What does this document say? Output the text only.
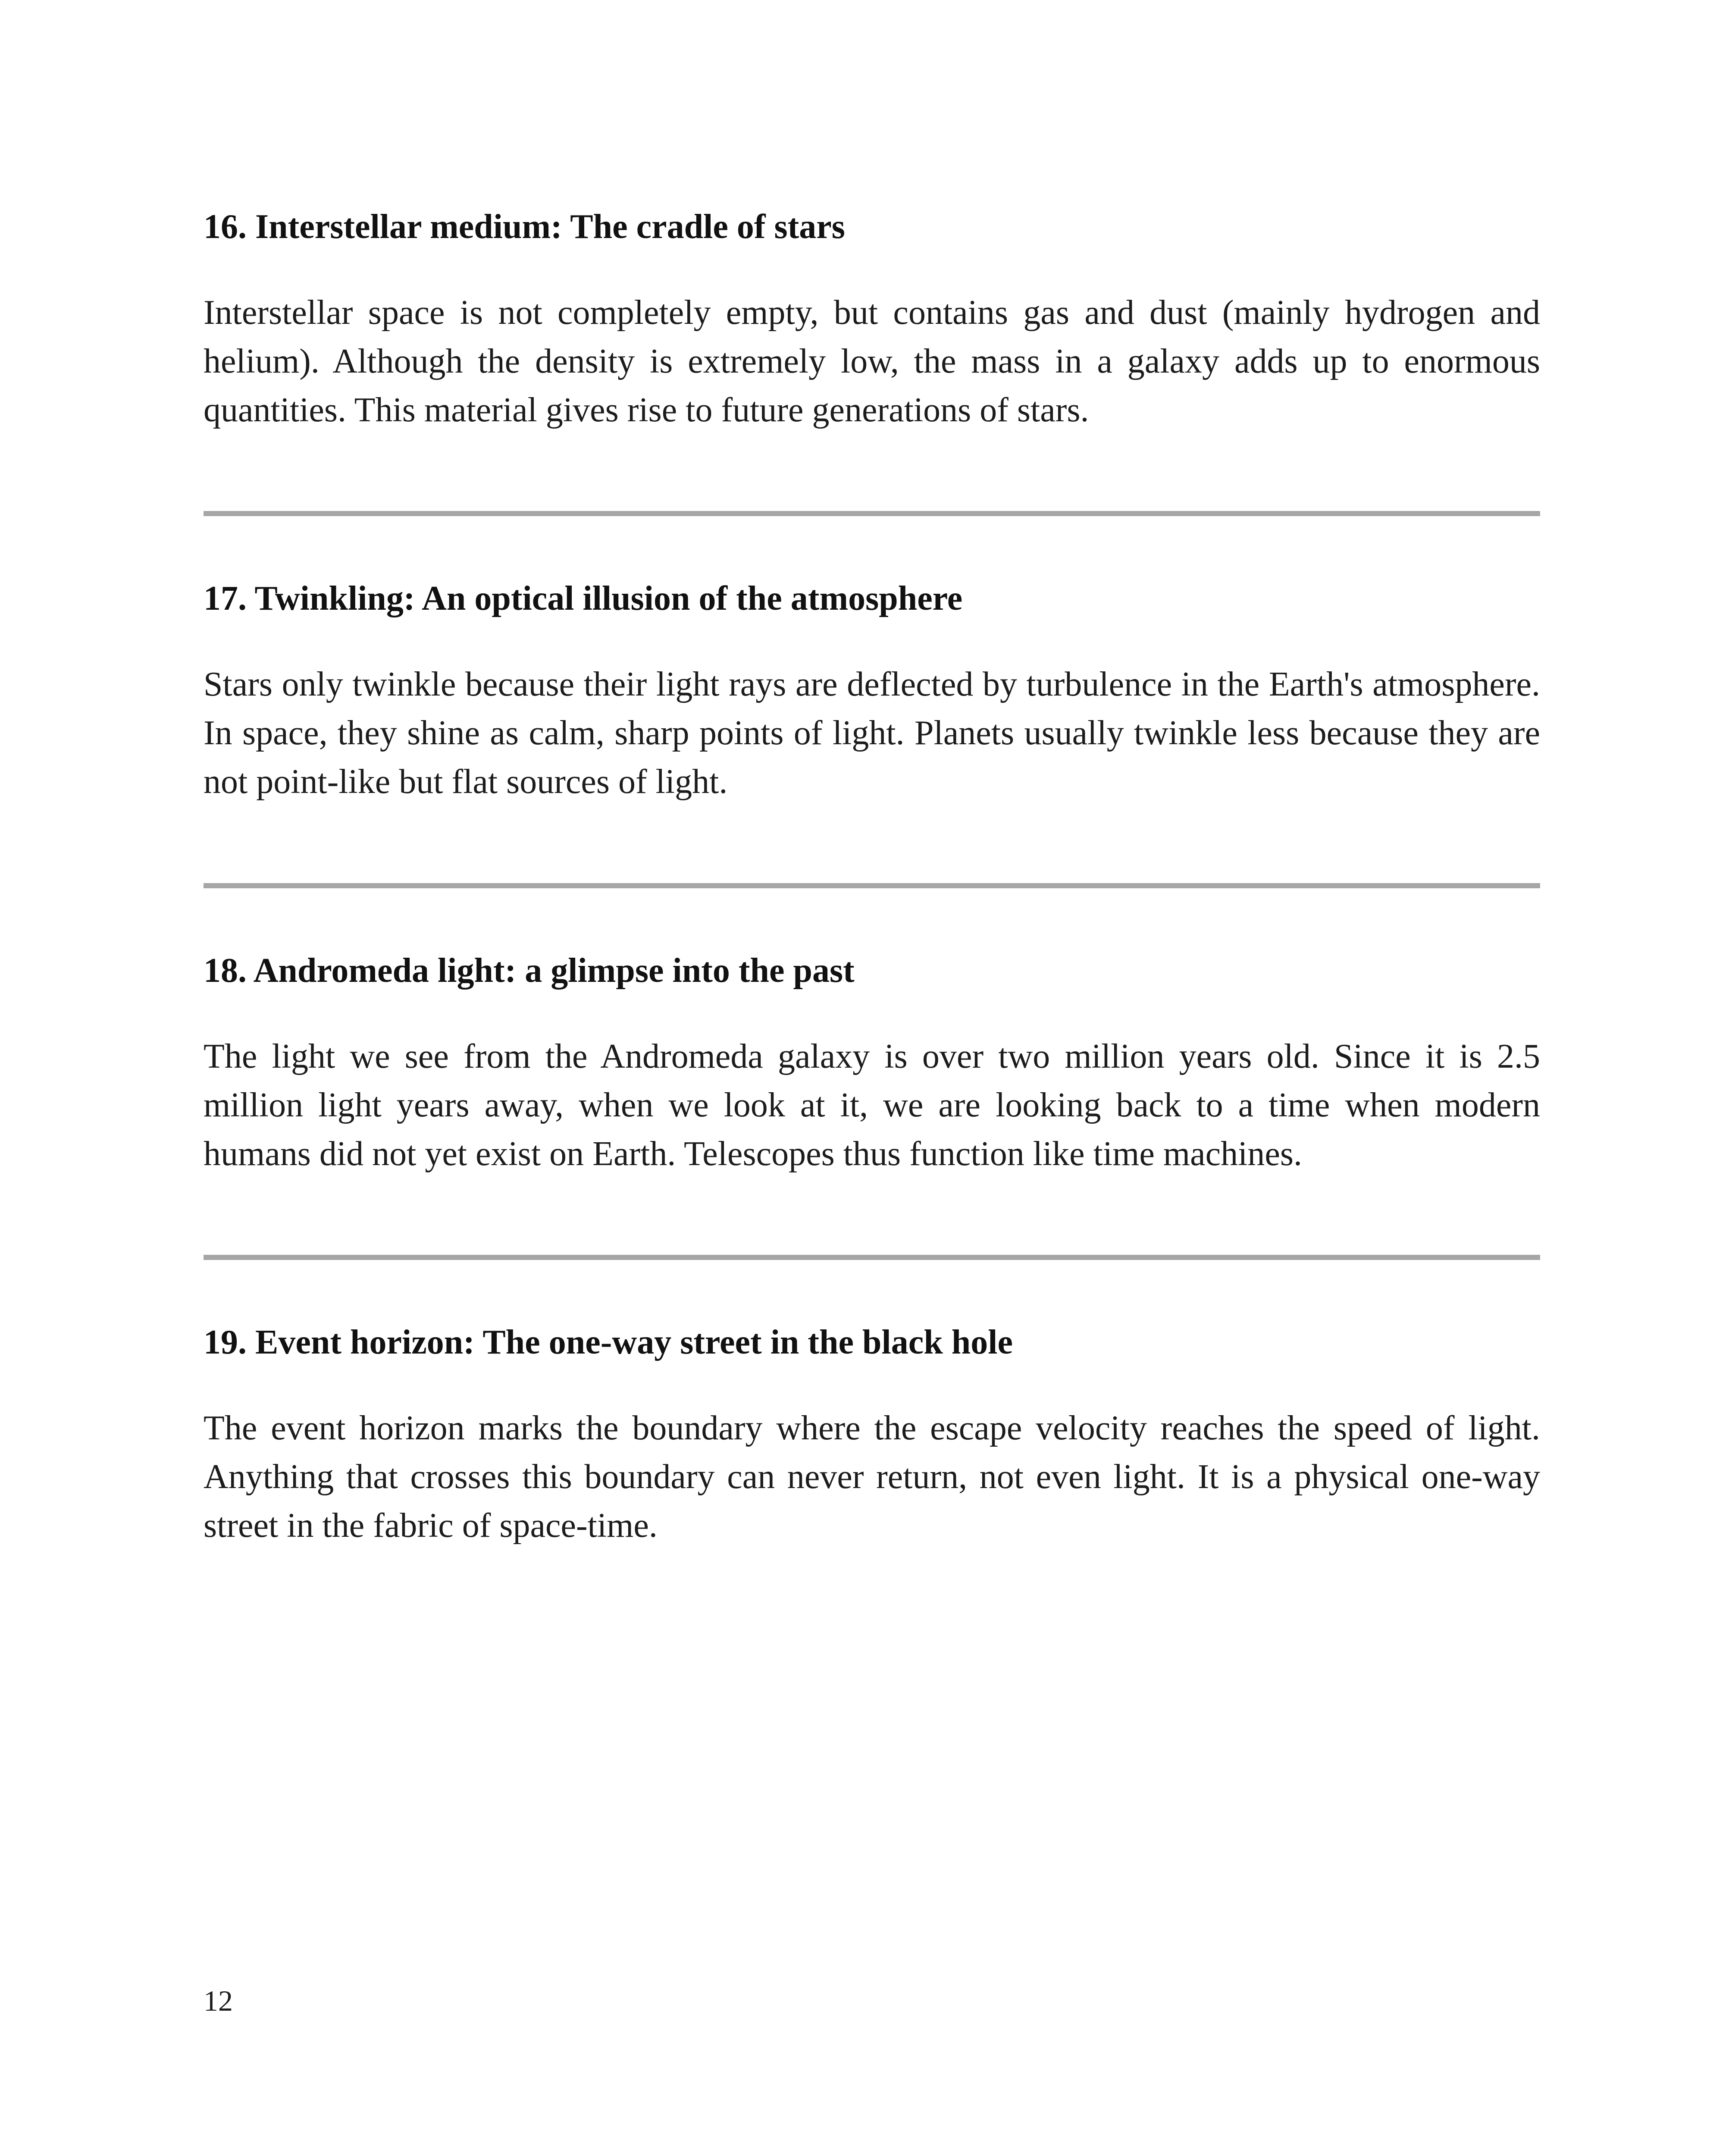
16. Interstellar medium: The cradle of stars

Interstellar space is not completely empty, but contains gas and dust (mainly hydrogen and helium). Although the density is extremely low, the mass in a galaxy adds up to enormous quantities. This material gives rise to future generations of stars.

17. Twinkling: An optical illusion of the atmosphere

Stars only twinkle because their light rays are deflected by turbulence in the Earth's atmosphere. In space, they shine as calm, sharp points of light. Planets usually twinkle less because they are not point-like but flat sources of light.

18. Andromeda light: a glimpse into the past

The light we see from the Andromeda galaxy is over two million years old. Since it is 2.5 million light years away, when we look at it, we are looking back to a time when modern humans did not yet exist on Earth. Telescopes thus function like time machines.

19. Event horizon: The one-way street in the black hole

The event horizon marks the boundary where the escape velocity reaches the speed of light. Anything that crosses this boundary can never return, not even light. It is a physical one-way street in the fabric of space-time.

12
